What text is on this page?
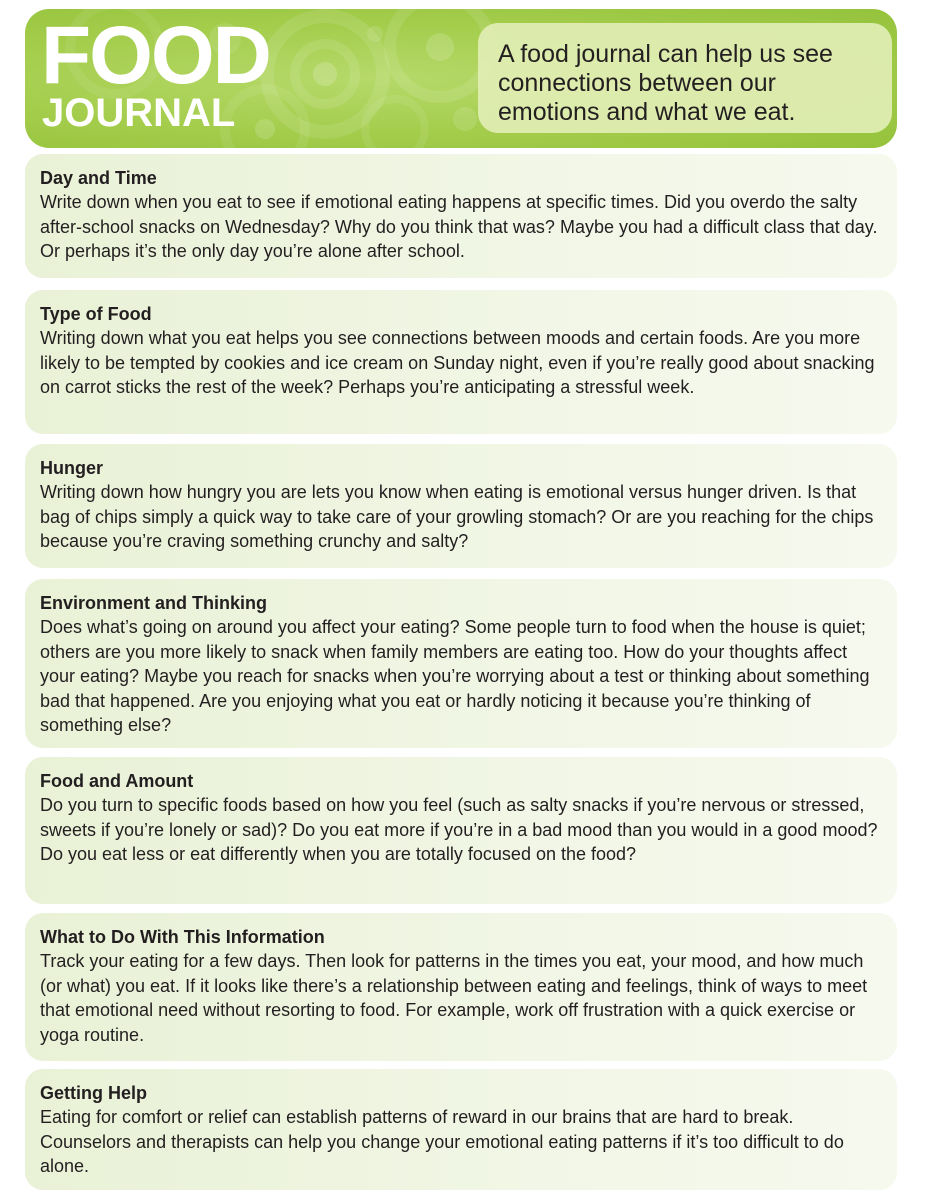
FOOD
JOURNAL

A food journal can help us see connections between our emotions and what we eat.

Day and Time

Write down when you eat to see if emotional eating happens at specific times. Did you overdo the salty after-school snacks on Wednesday? Why do you think that was? Maybe you had a difficult class that day. Or perhaps it’s the only day you’re alone after school.

Type of Food

Writing down what you eat helps you see connections between moods and certain foods. Are you more likely to be tempted by cookies and ice cream on Sunday night, even if you’re really good about snacking on carrot sticks the rest of the week? Perhaps you’re anticipating a stressful week.

Hunger

Writing down how hungry you are lets you know when eating is emotional versus hunger driven. Is that bag of chips simply a quick way to take care of your growling stomach? Or are you reaching for the chips because you’re craving something crunchy and salty?

Environment and Thinking

Does what’s going on around you affect your eating? Some people turn to food when the house is quiet; others are you more likely to snack when family members are eating too. How do your thoughts affect your eating? Maybe you reach for snacks when you’re worrying about a test or thinking about something bad that happened. Are you enjoying what you eat or hardly noticing it because you’re thinking of something else?

Food and Amount

Do you turn to specific foods based on how you feel (such as salty snacks if you’re nervous or stressed, sweets if you’re lonely or sad)? Do you eat more if you’re in a bad mood than you would in a good mood? Do you eat less or eat differently when you are totally focused on the food?

What to Do With This Information

Track your eating for a few days. Then look for patterns in the times you eat, your mood, and how much (or what) you eat. If it looks like there’s a relationship between eating and feelings, think of ways to meet that emotional need without resorting to food. For example, work off frustration with a quick exercise or yoga routine.

Getting Help

Eating for comfort or relief can establish patterns of reward in our brains that are hard to break. Counselors and therapists can help you change your emotional eating patterns if it’s too difficult to do alone.
